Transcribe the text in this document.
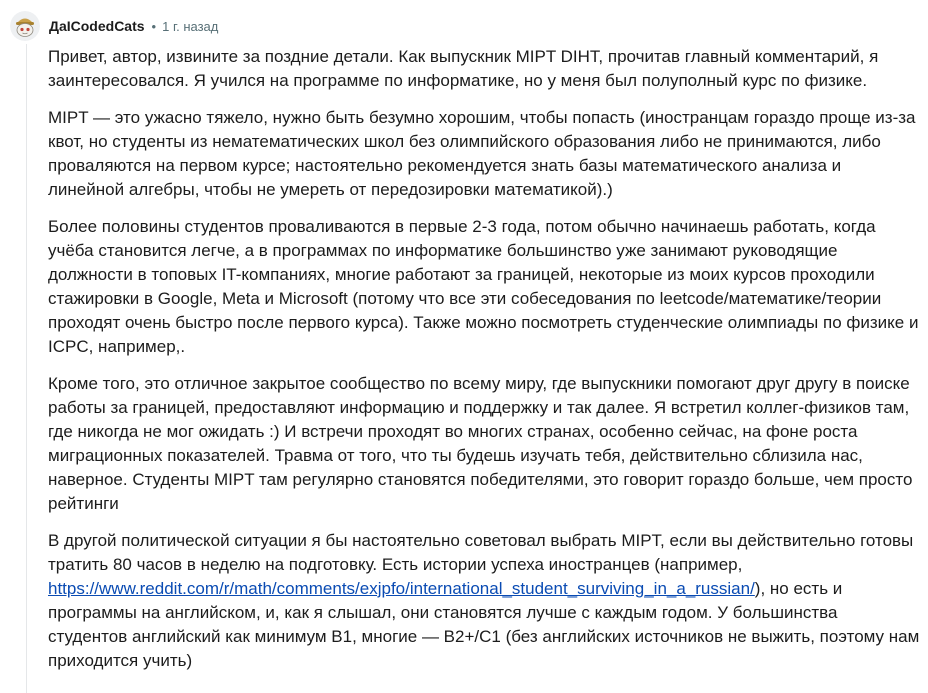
ДaICodedCats • 1 г. назад

Привет, автор, извините за поздние детали. Как выпускник MIPT DIHT, прочитав главный комментарий, я заинтересовался. Я учился на программе по информатике, но у меня был полуполный курс по физике.

MIPT — это ужасно тяжело, нужно быть безумно хорошим, чтобы попасть (иностранцам гораздо проще из-за квот, но студенты из нематематических школ без олимпийского образования либо не принимаются, либо проваляются на первом курсе; настоятельно рекомендуется знать базы математического анализа и линейной алгебры, чтобы не умереть от передозировки математикой).)

Более половины студентов проваливаются в первые 2-3 года, потом обычно начинаешь работать, когда учёба становится легче, а в программах по информатике большинство уже занимают руководящие должности в топовых IT-компаниях, многие работают за границей, некоторые из моих курсов проходили стажировки в Google, Meta и Microsoft (потому что все эти собеседования по leetcode/математике/теории проходят очень быстро после первого курса). Также можно посмотреть студенческие олимпиады по физике и ICPC, например,.

Кроме того, это отличное закрытое сообщество по всему миру, где выпускники помогают друг другу в поиске работы за границей, предоставляют информацию и поддержку и так далее. Я встретил коллег-физиков там, где никогда не мог ожидать :) И встречи проходят во многих странах, особенно сейчас, на фоне роста миграционных показателей. Травма от того, что ты будешь изучать тебя, действительно сблизила нас, наверное. Студенты MIPT там регулярно становятся победителями, это говорит гораздо больше, чем просто рейтинги

В другой политической ситуации я бы настоятельно советовал выбрать MIPT, если вы действительно готовы тратить 80 часов в неделю на подготовку. Есть истории успеха иностранцев (например, https://www.reddit.com/r/math/comments/exjpfo/international_student_surviving_in_a_russian/), но есть и программы на английском, и, как я слышал, они становятся лучше с каждым годом. У большинства студентов английский как минимум B1, многие — B2+/C1 (без английских источников не выжить, поэтому нам приходится учить)
